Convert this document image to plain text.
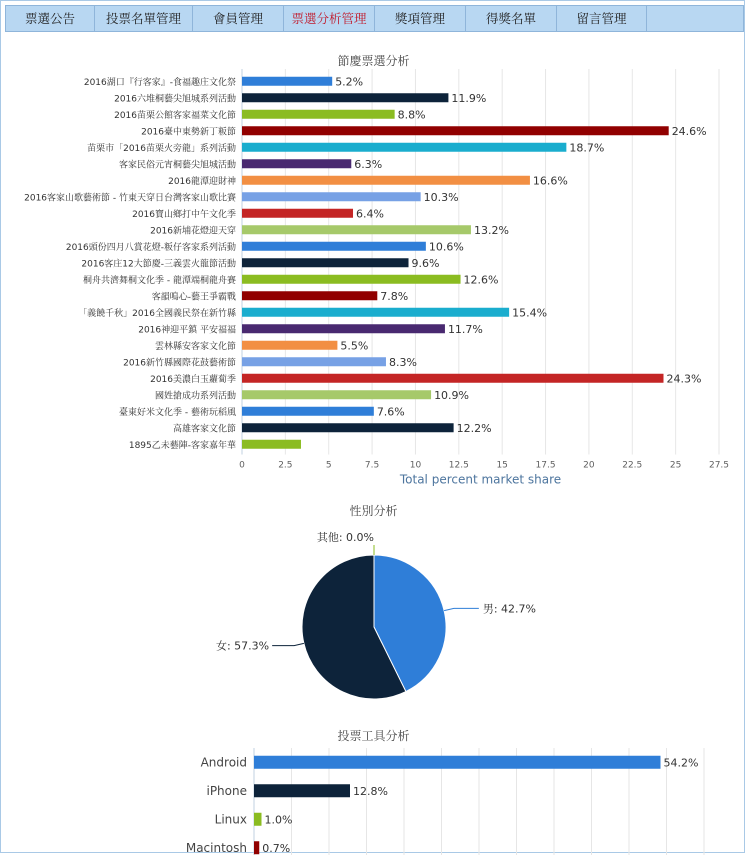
票選公告	投票名單管理	會員管理	票選分析管理	獎項管理	得獎名單	留言管理
節慶票選分析
0	2.5	5	7.5	10	12.5	15	17.5	20	22.5	25	27.5
2016湖口『行客家』-食福趣庄文化祭	5.2%
2016六堆桐藝尖旭城系列活動	11.9%
2016苗栗公館客家福菜文化節	8.8%
2016臺中東勢新丁粄節	24.6%
苗栗市「2016苗栗火旁龍」系列活動	18.7%
客家民俗元宵桐藝尖旭城活動	6.3%
2016龍潭迎財神	16.6%
2016客家山歌藝術節 - 竹東天穿日台灣客家山歌比賽	10.3%
2016寶山鄉打中午文化季	6.4%
2016新埔花燈迎天穿	13.2%
2016頭份四月八賞花燈-粄仔客家系列活動	10.6%
2016客庄12大節慶-三義雲火龍節活動	9.6%
桐舟共濟舞桐文化季 - 龍潭端桐龍舟賽	12.6%
客韻鳴心-藝王爭霸戰	7.8%
「義饒千秋」2016全國義民祭在新竹縣	15.4%
2016神迎平鎮 平安福福	11.7%
雲林縣安客家文化節	5.5%
2016新竹縣國際花鼓藝術節	8.3%
2016美濃白玉蘿蔔季	24.3%
國姓搶成功系列活動	10.9%
臺東好米文化季 - 藝術玩稻風	7.6%
高雄客家文化節	12.2%
1895乙未藝陣-客家嘉年華
Total percent market share
性別分析
男: 42.7%
女: 57.3%
其他: 0.0%
投票工具分析
Android	54.2%
iPhone	12.8%
Linux 1.0%
Macintosh 0.7%
